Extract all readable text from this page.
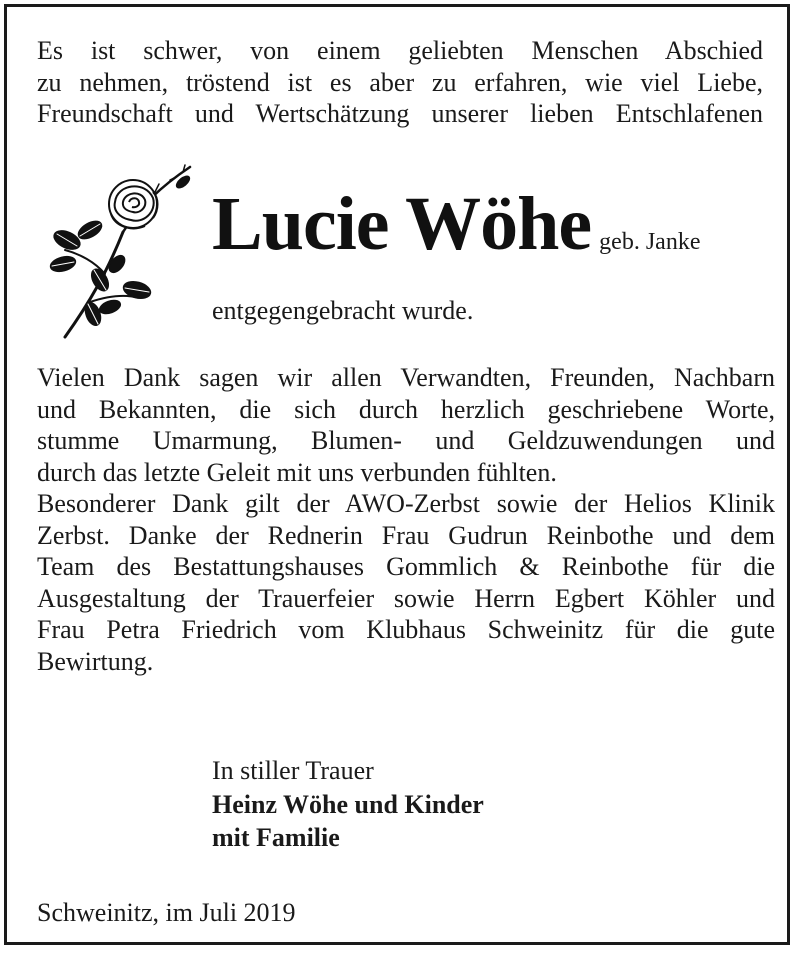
Es ist schwer, von einem geliebten Menschen Abschied
zu nehmen, tröstend ist es aber zu erfahren, wie viel Liebe,
Freundschaft und Wertschätzung unserer lieben Entschlafenen
Lucie Wöhe geb. Janke
entgegengebracht wurde.
Vielen Dank sagen wir allen Verwandten, Freunden, Nachbarn
und Bekannten, die sich durch herzlich geschriebene Worte,
stumme Umarmung, Blumen- und Geldzuwendungen und
durch das letzte Geleit mit uns verbunden fühlten.
Besonderer Dank gilt der AWO-Zerbst sowie der Helios Klinik
Zerbst. Danke der Rednerin Frau Gudrun Reinbothe und dem
Team des Bestattungshauses Gommlich & Reinbothe für die
Ausgestaltung der Trauerfeier sowie Herrn Egbert Köhler und
Frau Petra Friedrich vom Klubhaus Schweinitz für die gute
Bewirtung.
In stiller Trauer
Heinz Wöhe und Kinder
mit Familie
Schweinitz, im Juli 2019
